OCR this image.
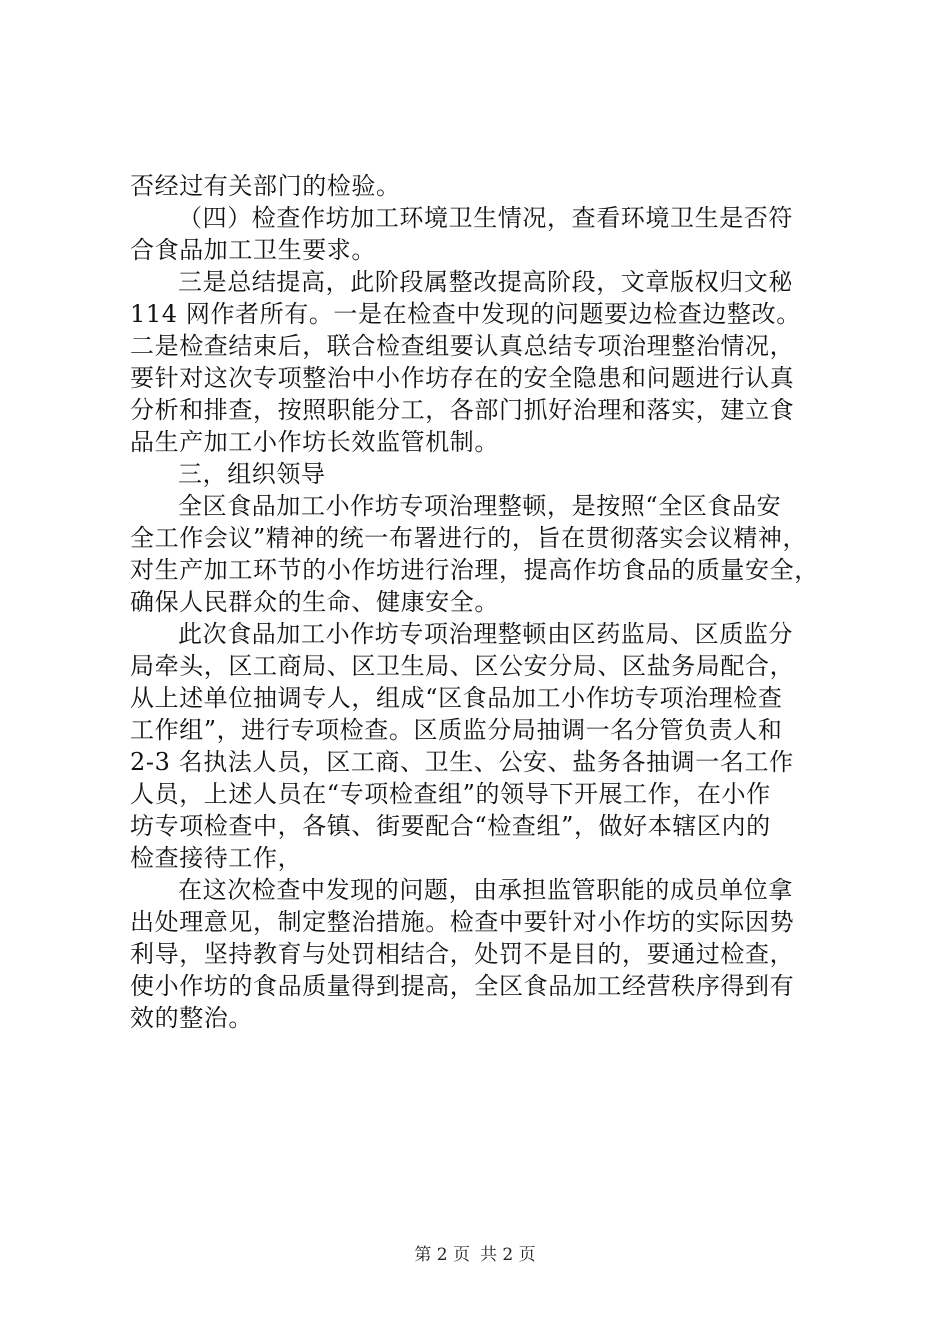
否经过有关部门的检验。
（四）检查作坊加工环境卫生情况，查看环境卫生是否符
合食品加工卫生要求。
三是总结提高，此阶段属整改提高阶段，文章版权归文秘
114 网作者所有。一是在检查中发现的问题要边检查边整改。
二是检查结束后，联合检查组要认真总结专项治理整治情况，
要针对这次专项整治中小作坊存在的安全隐患和问题进行认真
分析和排查，按照职能分工，各部门抓好治理和落实，建立食
品生产加工小作坊长效监管机制。
三，组织领导
全区食品加工小作坊专项治理整顿，是按照“全区食品安
全工作会议”精神的统一布署进行的，旨在贯彻落实会议精神，
对生产加工环节的小作坊进行治理，提高作坊食品的质量安全，
确保人民群众的生命、健康安全。
此次食品加工小作坊专项治理整顿由区药监局、区质监分
局牵头，区工商局、区卫生局、区公安分局、区盐务局配合，
从上述单位抽调专人，组成“区食品加工小作坊专项治理检查
工作组”，进行专项检查。区质监分局抽调一名分管负责人和
2-3 名执法人员，区工商、卫生、公安、盐务各抽调一名工作
人员，上述人员在“专项检查组”的领导下开展工作，在小作
坊专项检查中，各镇、街要配合“检查组”，做好本辖区内的
检查接待工作，
在这次检查中发现的问题，由承担监管职能的成员单位拿
出处理意见，制定整治措施。检查中要针对小作坊的实际因势
利导，坚持教育与处罚相结合，处罚不是目的，要通过检查，
使小作坊的食品质量得到提高，全区食品加工经营秩序得到有
效的整治。
第 2 页 共 2 页
